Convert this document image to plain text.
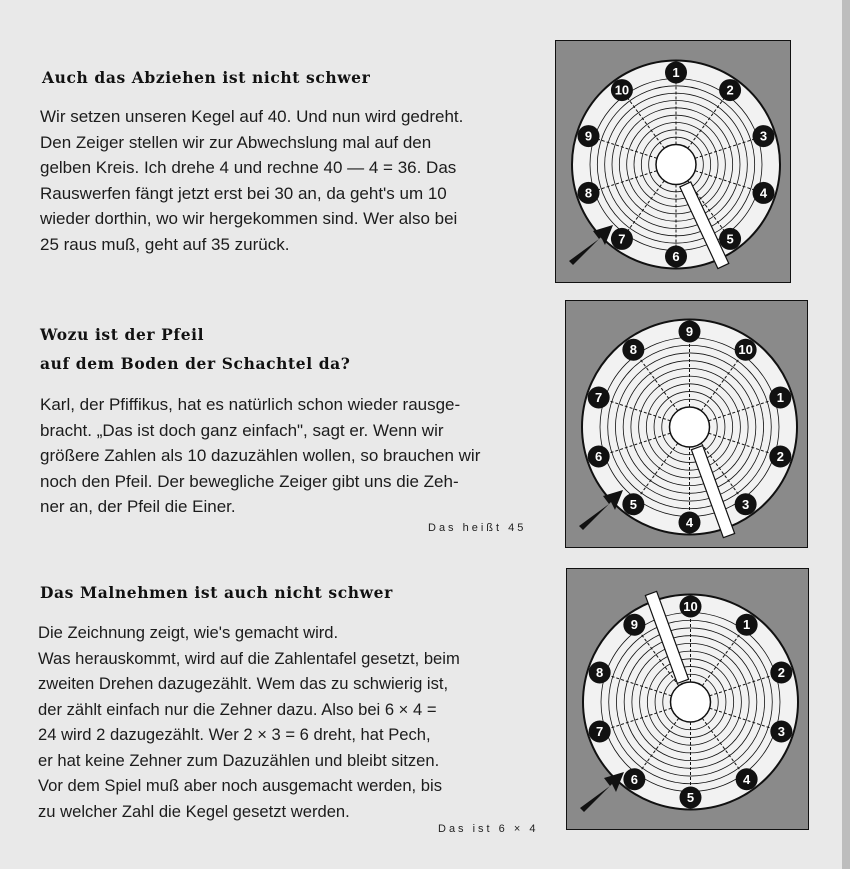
Auch das Abziehen ist nicht schwer
Wir setzen unseren Kegel auf 40. Und nun wird gedreht.
Den Zeiger stellen wir zur Abwechslung mal auf den
gelben Kreis. Ich drehe 4 und rechne 40 — 4 = 36. Das
Rauswerfen fängt jetzt erst bei 30 an, da geht's um 10
wieder dorthin, wo wir hergekommen sind. Wer also bei
25 raus muß, geht auf 35 zurück.
Wozu ist der Pfeil
auf dem Boden der Schachtel da?
Karl, der Pfiffikus, hat es natürlich schon wieder rausge-
bracht. „Das ist doch ganz einfach", sagt er. Wenn wir
größere Zahlen als 10 dazuzählen wollen, so brauchen wir
noch den Pfeil. Der bewegliche Zeiger gibt uns die Zeh-
ner an, der Pfeil die Einer.
Das heißt 45
Das Malnehmen ist auch nicht schwer
Die Zeichnung zeigt, wie's gemacht wird.
Was herauskommt, wird auf die Zahlentafel gesetzt, beim
zweiten Drehen dazugezählt. Wem das zu schwierig ist,
der zählt einfach nur die Zehner dazu. Also bei 6 × 4 =
24 wird 2 dazugezählt. Wer 2 × 3 = 6 dreht, hat Pech,
er hat keine Zehner zum Dazuzählen und bleibt sitzen.
Vor dem Spiel muß aber noch ausgemacht werden, bis
zu welcher Zahl die Kegel gesetzt werden.
Das ist 6 × 4
1
2
3
4
5
6
7
8
9
10
9
10
1
2
3
4
5
6
7
8
10
1
2
3
4
5
6
7
8
9
